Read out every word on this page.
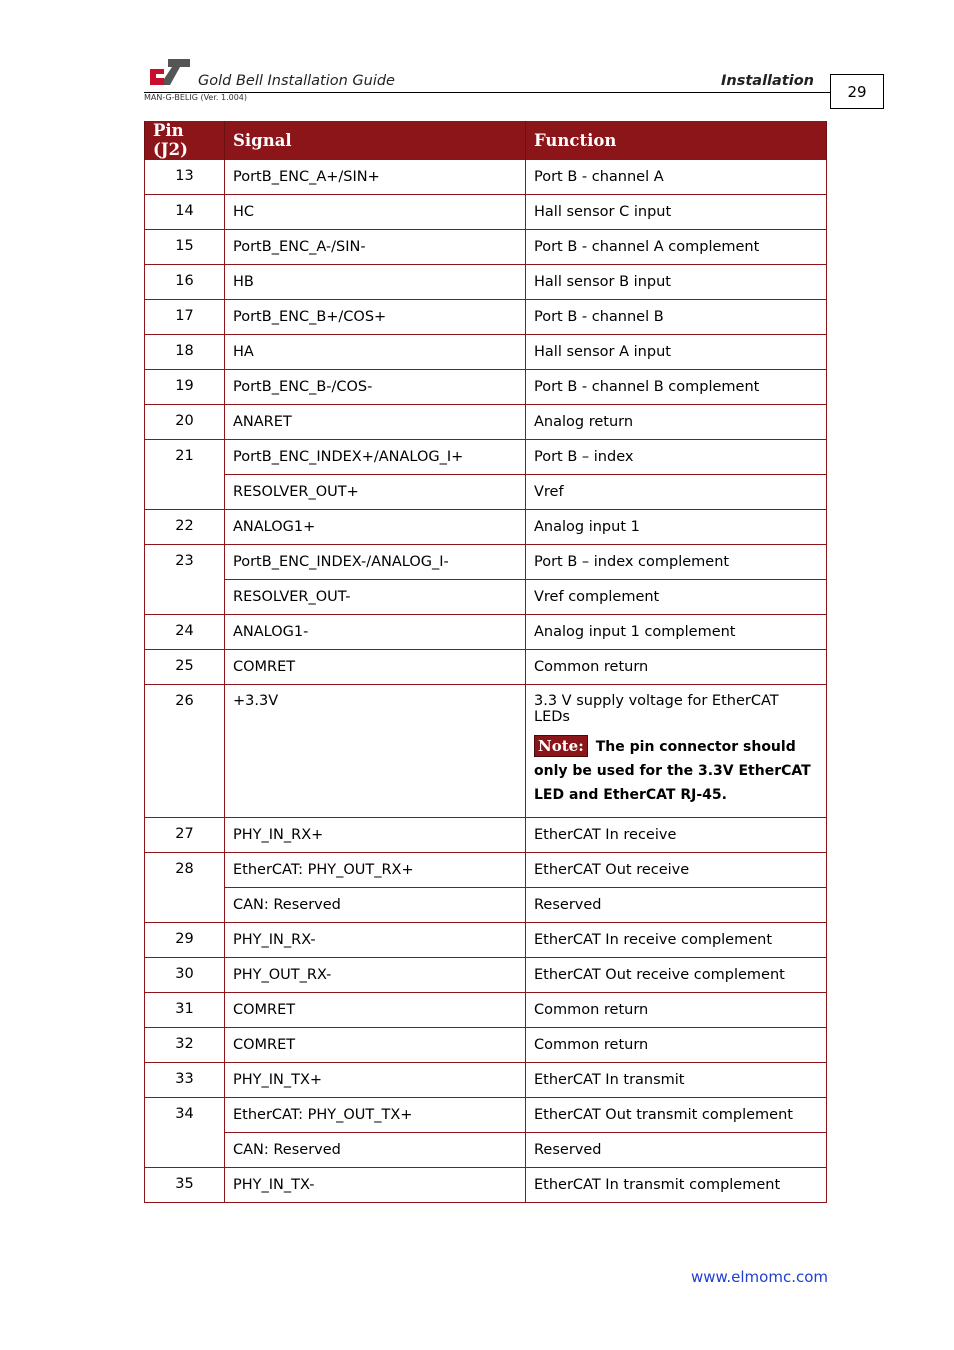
Gold Bell Installation Guide
MAN-G-BELIG (Ver. 1.004)
Installation
29
Pin (J2)	Signal	Function
13	PortB_ENC_A+/SIN+	Port B - channel A
14	HC	Hall sensor C input
15	PortB_ENC_A-/SIN-	Port B - channel A complement
16	HB	Hall sensor B input
17	PortB_ENC_B+/COS+	Port B - channel B
18	HA	Hall sensor A input
19	PortB_ENC_B-/COS-	Port B - channel B complement
20	ANARET	Analog return
21	PortB_ENC_INDEX+/ANALOG_I+	Port B – index
	RESOLVER_OUT+	Vref
22	ANALOG1+	Analog input 1
23	PortB_ENC_INDEX-/ANALOG_I-	Port B – index complement
	RESOLVER_OUT-	Vref complement
24	ANALOG1-	Analog input 1 complement
25	COMRET	Common return
26	+3.3V	3.3 V supply voltage for EtherCAT LEDs
Note: The pin connector should only be used for the 3.3V EtherCAT LED and EtherCAT RJ-45.

27	PHY_IN_RX+	EtherCAT In receive
28	EtherCAT: PHY_OUT_RX+	EtherCAT Out receive
	CAN: Reserved	Reserved
29	PHY_IN_RX-	EtherCAT In receive complement
30	PHY_OUT_RX-	EtherCAT Out receive complement
31	COMRET	Common return
32	COMRET	Common return
33	PHY_IN_TX+	EtherCAT In transmit
34	EtherCAT: PHY_OUT_TX+	EtherCAT Out transmit complement
	CAN: Reserved	Reserved
35	PHY_IN_TX-	EtherCAT In transmit complement
www.elmomc.com
